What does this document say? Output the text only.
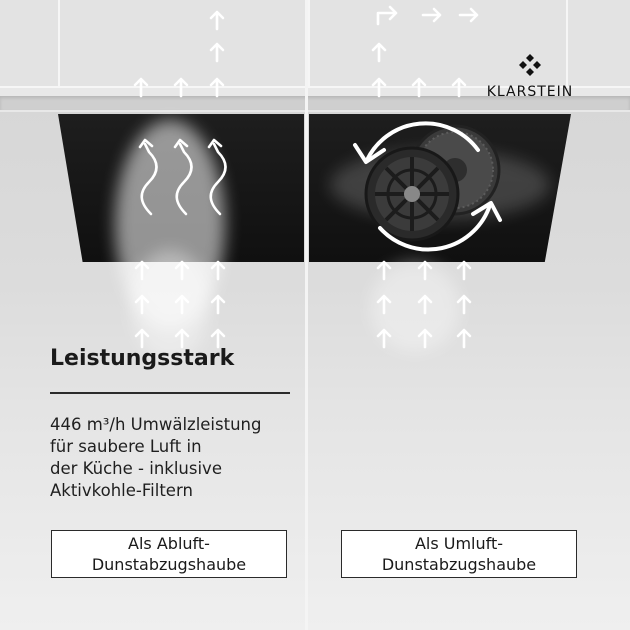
KLARSTEIN
Leistungsstark
446 m³/h Umwälzleistung
für saubere Luft in
der Küche - inklusive
Aktivkohle-Filtern
Als Abluft-
Dunstabzugshaube
Als Umluft-
Dunstabzugshaube
